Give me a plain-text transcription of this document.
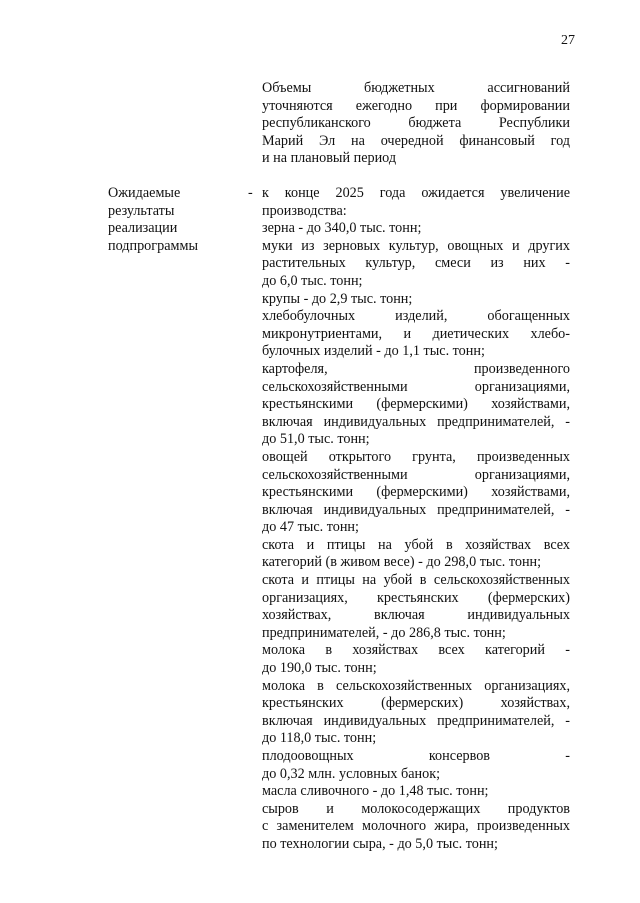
27
Объемы бюджетных ассигнований
уточняются ежегодно при формировании
республиканского бюджета Республики
Марий Эл на очередной финансовый год
и на плановый период
Ожидаемые
результаты
реализации
подпрограммы
- к конце 2025 года ожидается увеличение
производства:
зерна - до 340,0 тыс. тонн;
муки из зерновых культур, овощных и других
растительных культур, смеси из них -
до 6,0 тыс. тонн;
крупы - до 2,9 тыс. тонн;
хлебобулочных изделий, обогащенных
микронутриентами, и диетических хлебо-
булочных изделий - до 1,1 тыс. тонн;
картофеля, произведенного
сельскохозяйственными организациями,
крестьянскими (фермерскими) хозяйствами,
включая индивидуальных предпринимателей, -
до 51,0 тыс. тонн;
овощей открытого грунта, произведенных
сельскохозяйственными организациями,
крестьянскими (фермерскими) хозяйствами,
включая индивидуальных предпринимателей, -
до 47 тыс. тонн;
скота и птицы на убой в хозяйствах всех
категорий (в живом весе) - до 298,0 тыс. тонн;
скота и птицы на убой в сельскохозяйственных
организациях, крестьянских (фермерских)
хозяйствах, включая индивидуальных
предпринимателей, - до 286,8 тыс. тонн;
молока в хозяйствах всех категорий -
до 190,0 тыс. тонн;
молока в сельскохозяйственных организациях,
крестьянских (фермерских) хозяйствах,
включая индивидуальных предпринимателей, -
до 118,0 тыс. тонн;
плодоовощных консервов -
до 0,32 млн. условных банок;
масла сливочного - до 1,48 тыс. тонн;
сыров и молокосодержащих продуктов
с заменителем молочного жира, произведенных
по технологии сыра, - до 5,0 тыс. тонн;
